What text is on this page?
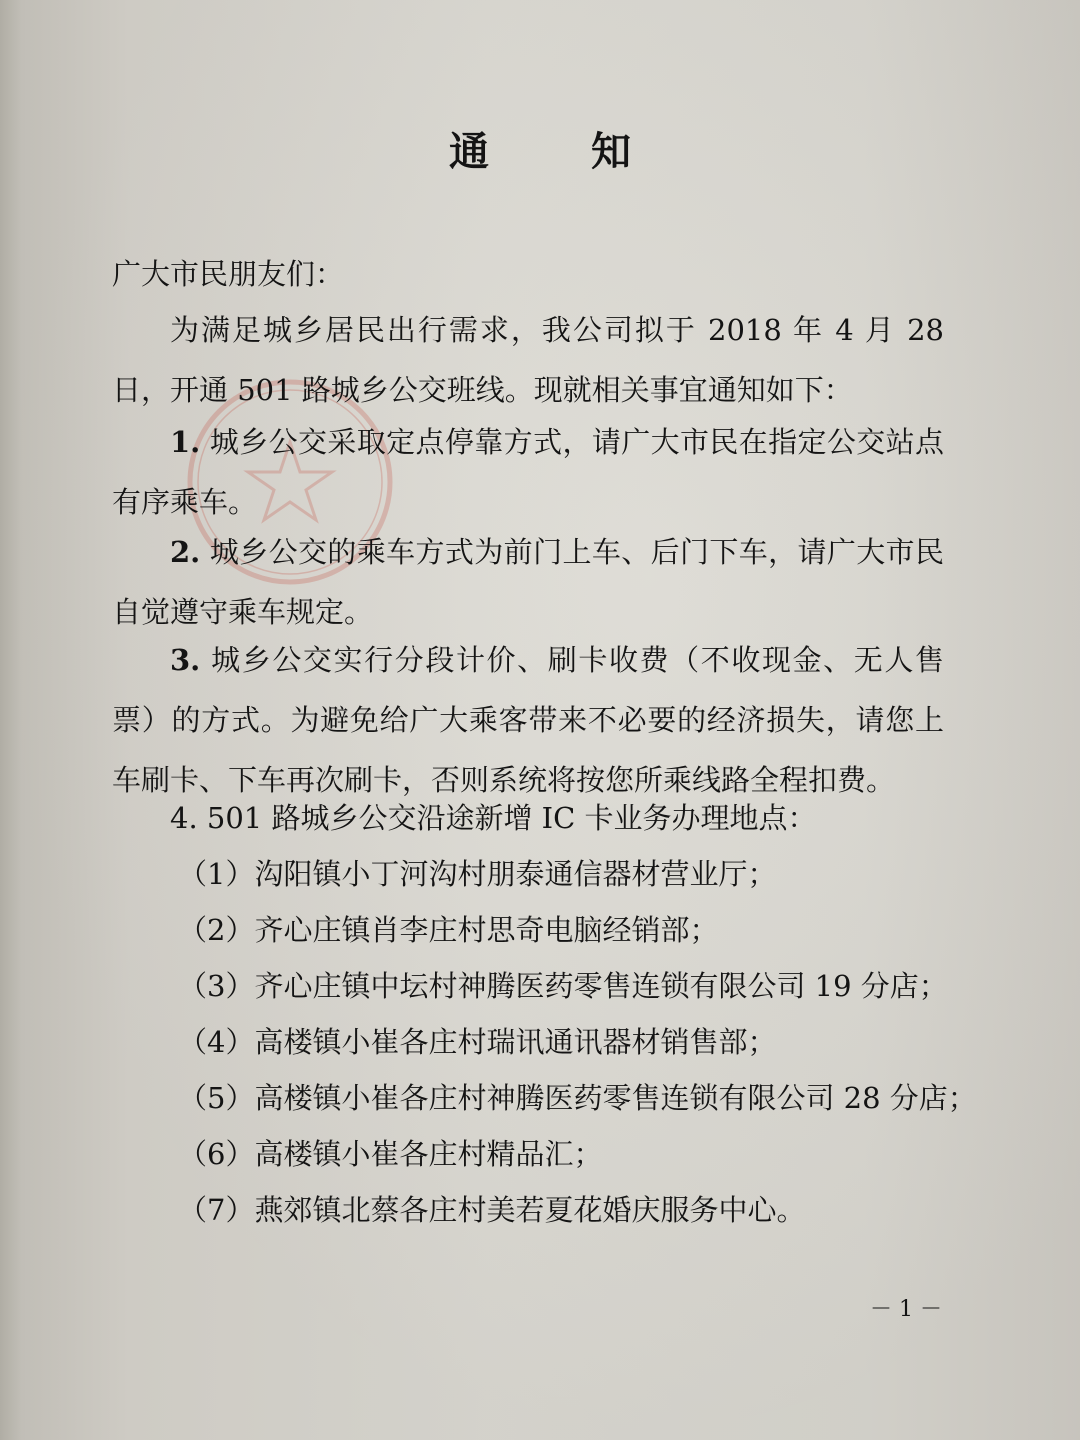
通 知
广大市民朋友们：
为满足城乡居民出行需求，我公司拟于 2018 年 4 月 28 日，开通 501 路城乡公交班线。现就相关事宜通知如下：
1. 城乡公交采取定点停靠方式，请广大市民在指定公交站点有序乘车。
2. 城乡公交的乘车方式为前门上车、后门下车，请广大市民自觉遵守乘车规定。
3. 城乡公交实行分段计价、刷卡收费（不收现金、无人售票）的方式。为避免给广大乘客带来不必要的经济损失，请您上车刷卡、下车再次刷卡，否则系统将按您所乘线路全程扣费。
4. 501 路城乡公交沿途新增 IC 卡业务办理地点：
（1）沟阳镇小丁河沟村朋泰通信器材营业厅；
（2）齐心庄镇肖李庄村思奇电脑经销部；
（3）齐心庄镇中坛村神腾医药零售连锁有限公司 19 分店；
（4）高楼镇小崔各庄村瑞讯通讯器材销售部；
（5）高楼镇小崔各庄村神腾医药零售连锁有限公司 28 分店；
（6）高楼镇小崔各庄村精品汇；
（7）燕郊镇北蔡各庄村美若夏花婚庆服务中心。
－ 1 －
